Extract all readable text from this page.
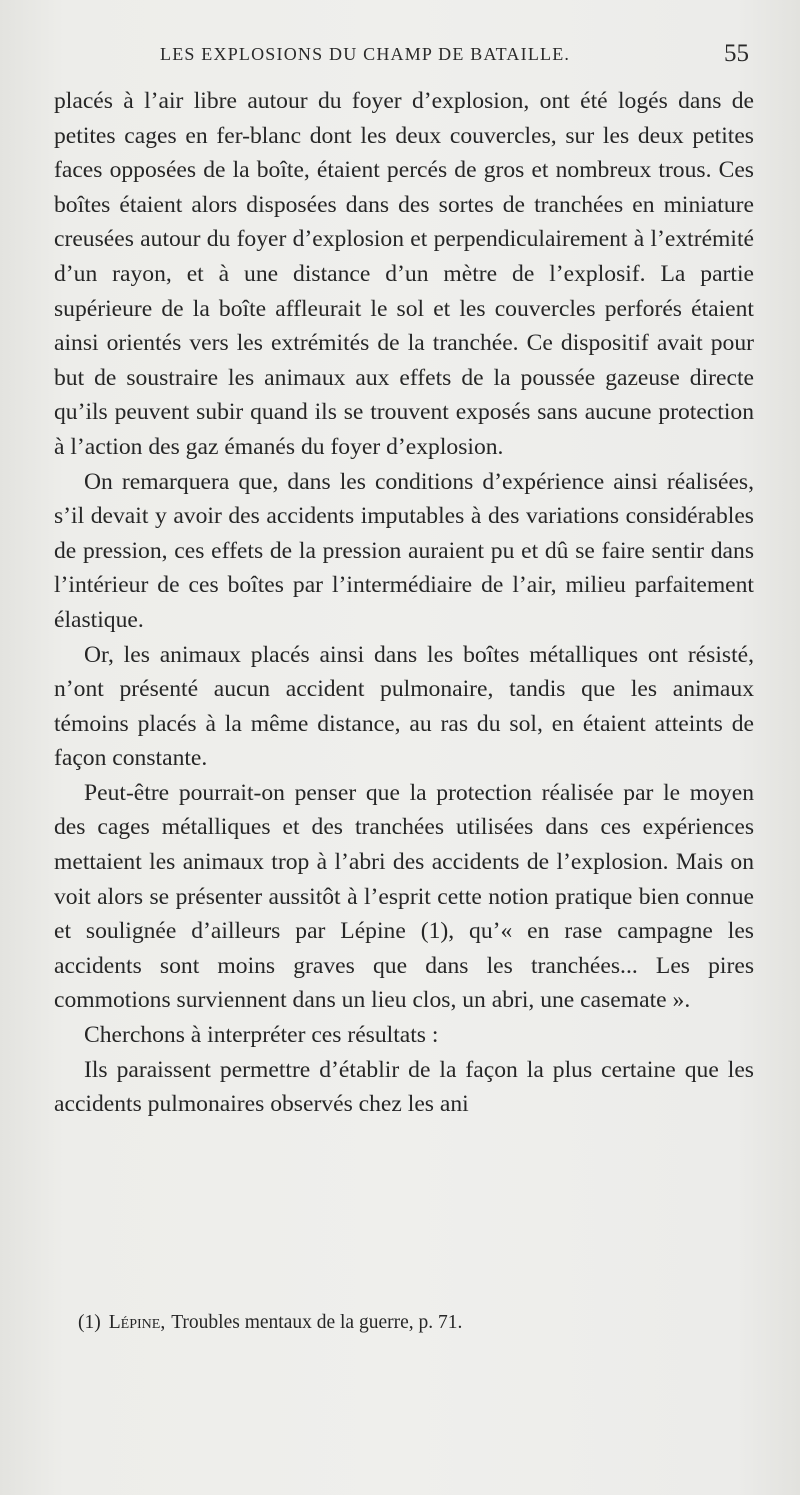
LES EXPLOSIONS DU CHAMP DE BATAILLE.	55

placés à l’air libre autour du foyer d’explosion, ont été logés dans de petites cages en fer-blanc dont les deux couvercles, sur les deux petites faces opposées de la boîte, étaient percés de gros et nombreux trous. Ces boîtes étaient alors disposées dans des sortes de tranchées en miniature creusées autour du foyer d’explosion et perpendiculairement à l’extrémité d’un rayon, et à une distance d’un mètre de l’explosif. La partie supérieure de la boîte affleurait le sol et les couvercles perforés étaient ainsi orientés vers les extrémités de la tranchée. Ce dispositif avait pour but de soustraire les animaux aux effets de la poussée gazeuse directe qu’ils peuvent subir quand ils se trouvent exposés sans aucune protection à l’action des gaz émanés du foyer d’explosion.

On remarquera que, dans les conditions d’expérience ainsi réalisées, s’il devait y avoir des accidents imputables à des variations considérables de pression, ces effets de la pression auraient pu et dû se faire sentir dans l’intérieur de ces boîtes par l’intermédiaire de l’air, milieu parfaitement élastique.

Or, les animaux placés ainsi dans les boîtes métalliques ont résisté, n’ont présenté aucun accident pulmonaire, tandis que les animaux témoins placés à la même distance, au ras du sol, en étaient atteints de façon constante.

Peut-être pourrait-on penser que la protection réalisée par le moyen des cages métalliques et des tranchées utilisées dans ces expériences mettaient les animaux trop à l’abri des accidents de l’explosion. Mais on voit alors se présenter aussitôt à l’esprit cette notion pratique bien connue et soulignée d’ailleurs par Lépine (1), qu’« en rase campagne les accidents sont moins graves que dans les tranchées... Les pires commotions surviennent dans un lieu clos, un abri, une casemate ».

Cherchons à interpréter ces résultats :

Ils paraissent permettre d’établir de la façon la plus certaine que les accidents pulmonaires observés chez les ani

(1) Lépine, Troubles mentaux de la guerre, p. 71.
